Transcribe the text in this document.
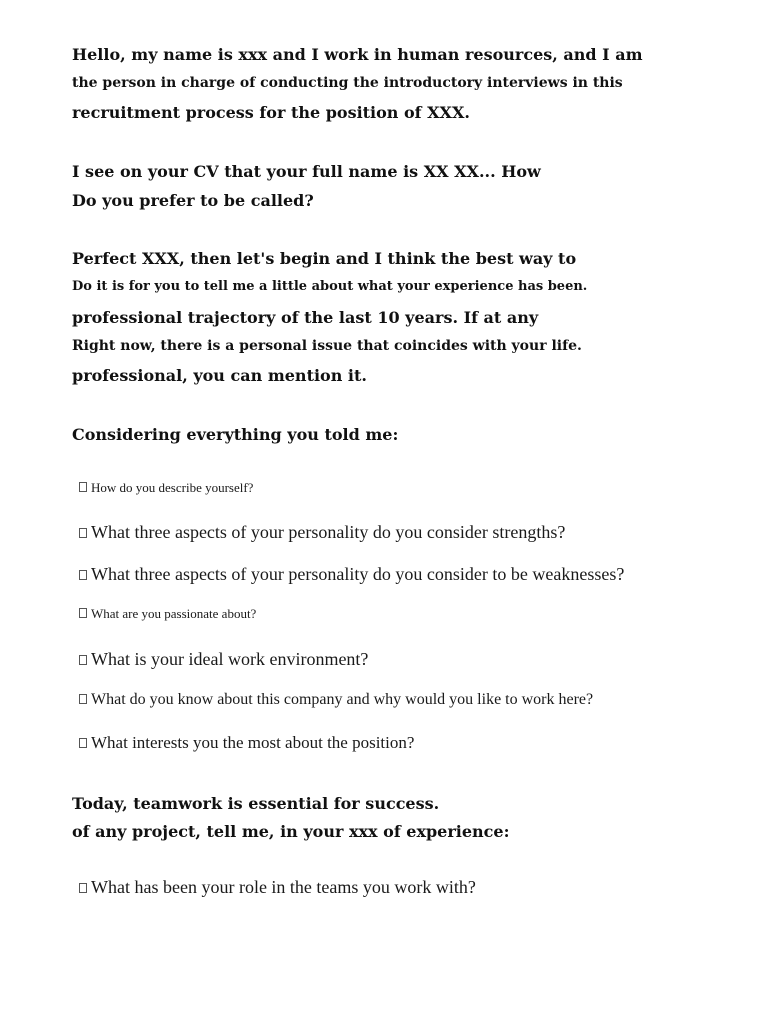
Hello, my name is xxx and I work in human resources, and I am
the person in charge of conducting the introductory interviews in this
recruitment process for the position of XXX.
I see on your CV that your full name is XX XX... How
Do you prefer to be called?
Perfect XXX, then let's begin and I think the best way to
Do it is for you to tell me a little about what your experience has been.
professional trajectory of the last 10 years. If at any
Right now, there is a personal issue that coincides with your life.
professional, you can mention it.
Considering everything you told me:
How do you describe yourself?
What three aspects of your personality do you consider strengths?
What three aspects of your personality do you consider to be weaknesses?
What are you passionate about?
What is your ideal work environment?
What do you know about this company and why would you like to work here?
What interests you the most about the position?
Today, teamwork is essential for success.
of any project, tell me, in your xxx of experience:
What has been your role in the teams you work with?
